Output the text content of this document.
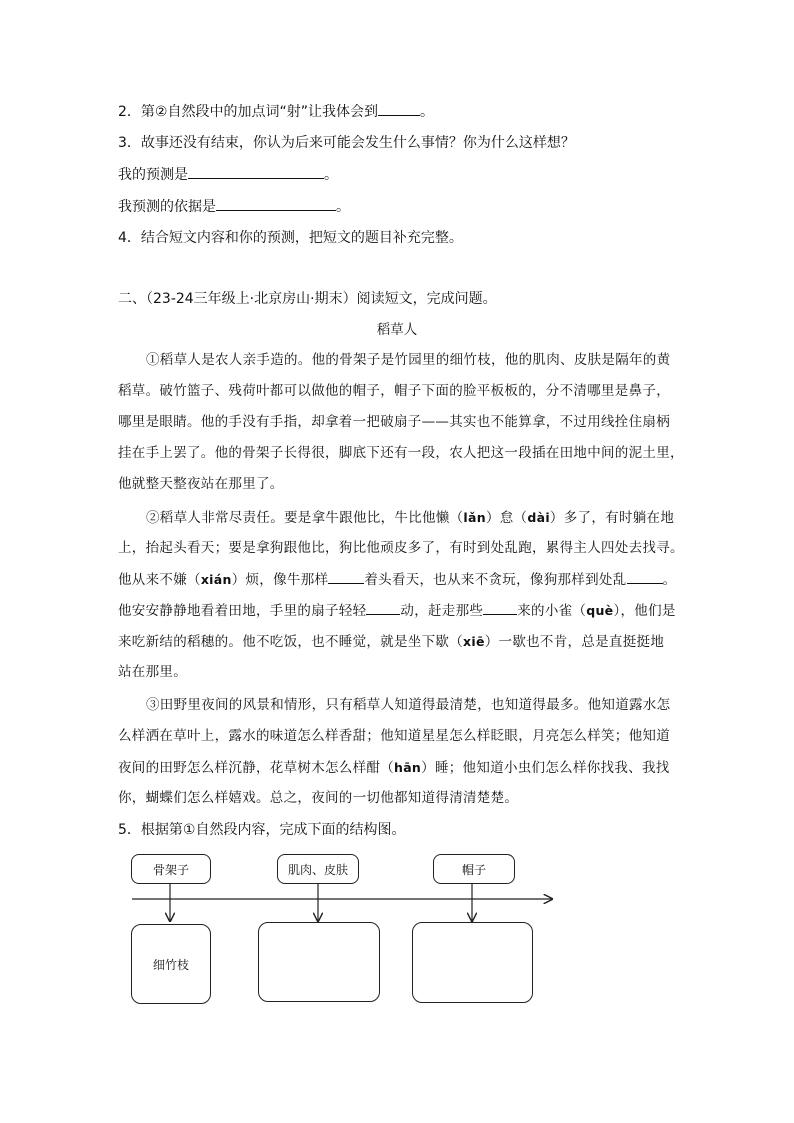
2．第②自然段中的加点词“射”让我体会到	。
3．故事还没有结束，你认为后来可能会发生什么事情？你为什么这样想？
我的预测是	。
我预测的依据是	。
4．结合短文内容和你的预测，把短文的题目补充完整。
二、（23-24三年级上·北京房山·期末）阅读短文，完成问题。
稻草人
①稻草人是农人亲手造的。他的骨架子是竹园里的细竹枝，他的肌肉、皮肤是隔年的黄
稻草。破竹篮子、残荷叶都可以做他的帽子，帽子下面的脸平板板的，分不清哪里是鼻子，
哪里是眼睛。他的手没有手指，却拿着一把破扇子——其实也不能算拿，不过用线拴住扇柄
挂在手上罢了。他的骨架子长得很，脚底下还有一段，农人把这一段插在田地中间的泥土里，
他就整天整夜站在那里了。
②稻草人非常尽责任。要是拿牛跟他比，牛比他懒（lǎn）怠（dài）多了，有时躺在地
上，抬起头看天；要是拿狗跟他比，狗比他顽皮多了，有时到处乱跑，累得主人四处去找寻。
他从来不嫌（xián）烦，像牛那样	着头看天，也从来不贪玩，像狗那样到处乱	。
他安安静静地看着田地，手里的扇子轻轻	动，赶走那些	来的小雀（què），他们是
来吃新结的稻穗的。他不吃饭，也不睡觉，就是坐下歇（xiē）一歇也不肯，总是直挺挺地
站在那里。
③田野里夜间的风景和情形，只有稻草人知道得最清楚，也知道得最多。他知道露水怎
么样洒在草叶上，露水的味道怎么样香甜；他知道星星怎么样眨眼，月亮怎么样笑；他知道
夜间的田野怎么样沉静，花草树木怎么样酣（hān）睡；他知道小虫们怎么样你找我、我找
你，蝴蝶们怎么样嬉戏。总之，夜间的一切他都知道得清清楚楚。
5．根据第①自然段内容，完成下面的结构图。
骨架子	肌肉、皮肤	帽子
细竹枝
